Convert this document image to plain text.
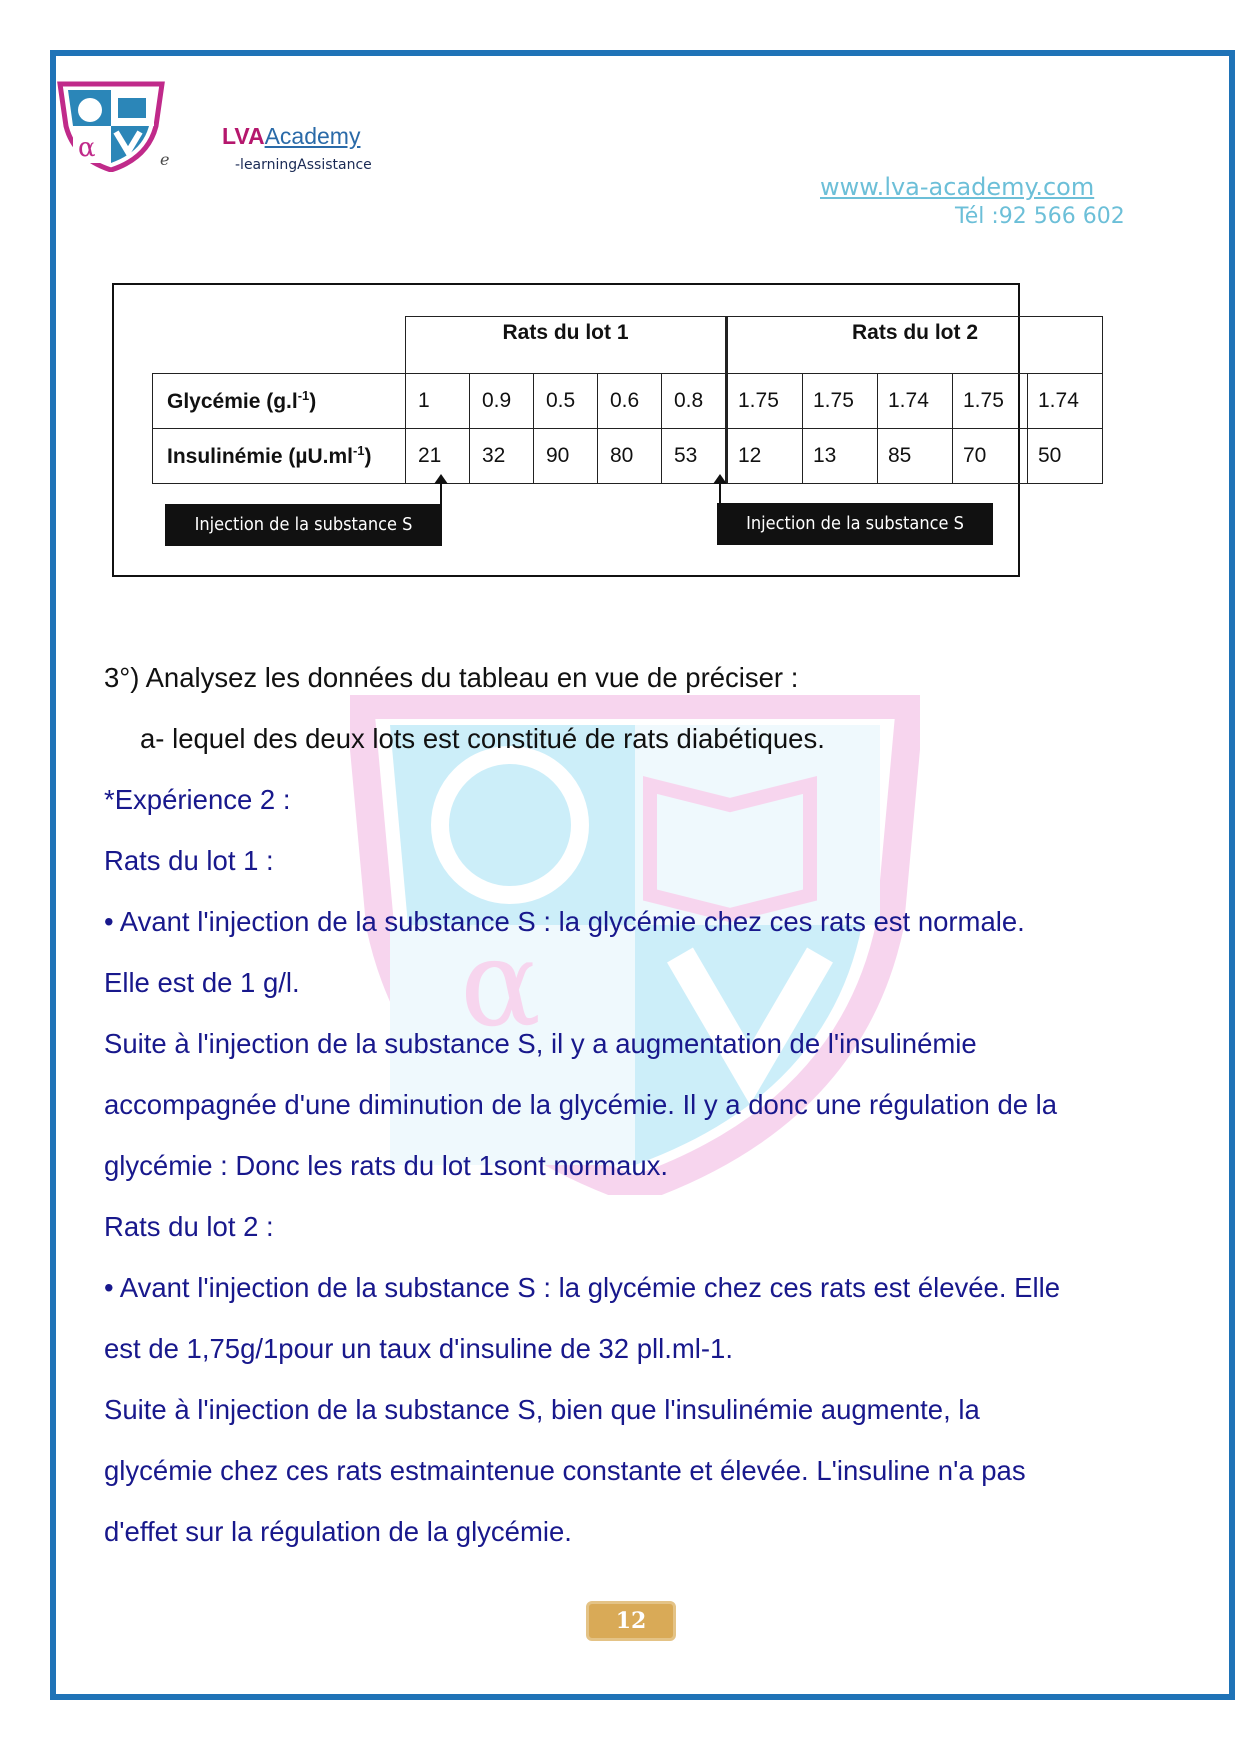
α
α	e
LVAAcademy
-learningAssistance
www.lva-academy.com
Tél :92 566 602
	Rats du lot 1					Rats du lot 2				
Glycémie $(g.l^{-1})$	1	0.9	0.5	0.6	0.8	1.75	1.75	1.74	1.75	1.74
Insulinémie $(\mu U.ml^{-1})$	21	32	90	80	53	12	13	85	70	50
Injection de la substance S	Injection de la substance S
3°) Analysez les données du tableau en vue de préciser :
a- lequel des deux lots est constitué de rats diabétiques.
*Expérience 2 :
Rats du lot 1 :
• Avant l'injection de la substance S : la glycémie chez ces rats est normale.
Elle est de 1 g/l.
Suite à l'injection de la substance S, il y a augmentation de l'insulinémie
accompagnée d'une diminution de la glycémie. Il y a donc une régulation de la
glycémie : Donc les rats du lot 1sont normaux.
Rats du lot 2 :
• Avant l'injection de la substance S : la glycémie chez ces rats est élevée. Elle
est de 1,75g/1pour un taux d'insuline de 32 pll.ml-1.
Suite à l'injection de la substance S, bien que l'insulinémie augmente, la
glycémie chez ces rats estmaintenue constante et élevée. L'insuline n'a pas
d'effet sur la régulation de la glycémie.
12
